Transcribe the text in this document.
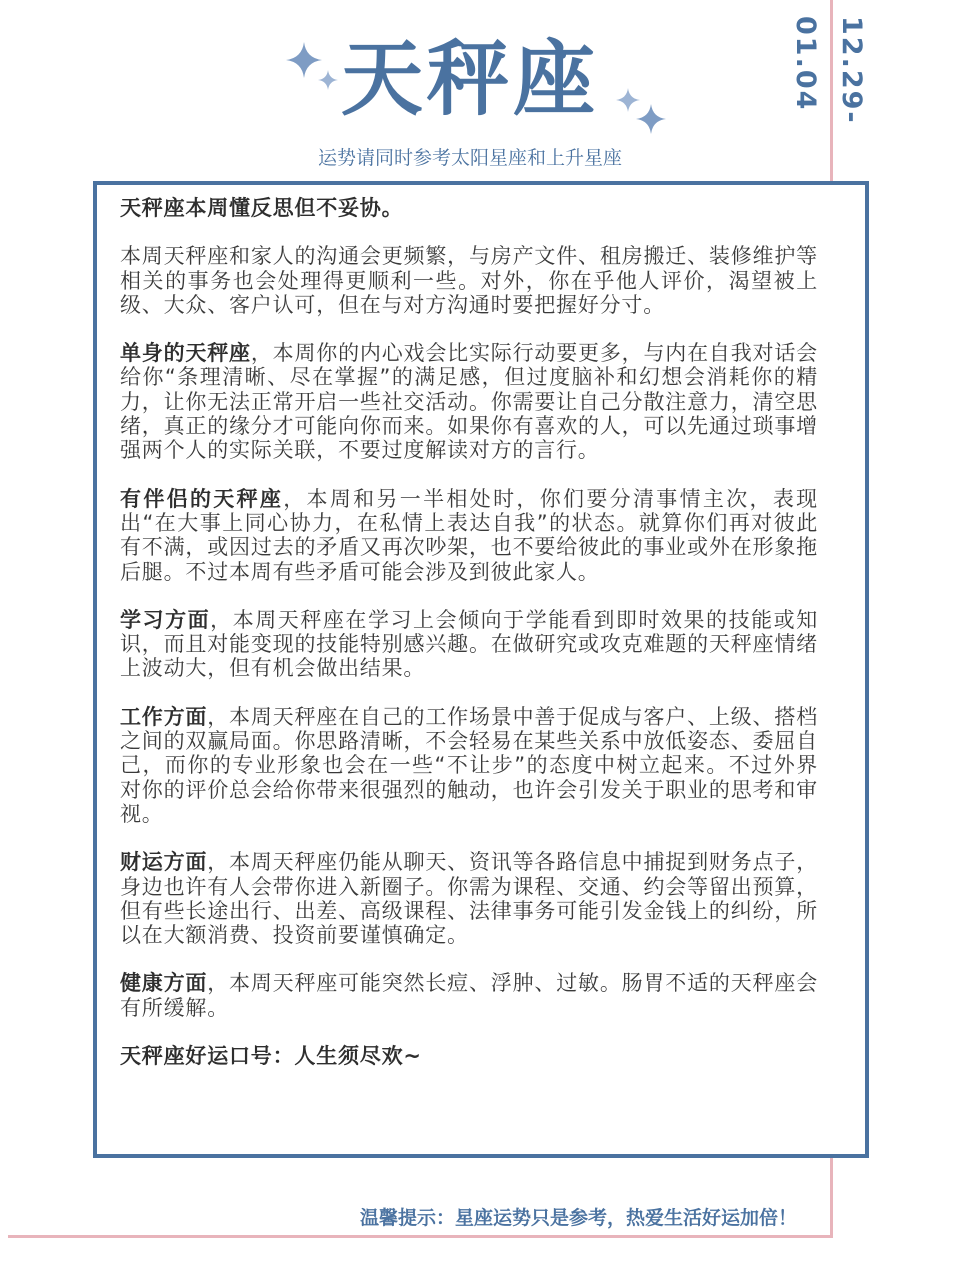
12.29-01.04
天秤座
运势请同时参考太阳星座和上升星座

天秤座本周懂反思但不妥协。

本周天秤座和家人的沟通会更频繁，与房产文件、租房搬迁、装修维护等相关的事务也会处理得更顺利一些。对外，你在乎他人评价，渴望被上级、大众、客户认可，但在与对方沟通时要把握好分寸。

单身的天秤座，本周你的内心戏会比实际行动要更多，与内在自我对话会给你“条理清晰、尽在掌握”的满足感，但过度脑补和幻想会消耗你的精力，让你无法正常开启一些社交活动。你需要让自己分散注意力，清空思绪，真正的缘分才可能向你而来。如果你有喜欢的人，可以先通过琐事增强两个人的实际关联，不要过度解读对方的言行。

有伴侣的天秤座，本周和另一半相处时，你们要分清事情主次，表现出“在大事上同心协力，在私情上表达自我”的状态。就算你们再对彼此有不满，或因过去的矛盾又再次吵架，也不要给彼此的事业或外在形象拖后腿。不过本周有些矛盾可能会涉及到彼此家人。

学习方面，本周天秤座在学习上会倾向于学能看到即时效果的技能或知识，而且对能变现的技能特别感兴趣。在做研究或攻克难题的天秤座情绪上波动大，但有机会做出结果。

工作方面，本周天秤座在自己的工作场景中善于促成与客户、上级、搭档之间的双赢局面。你思路清晰，不会轻易在某些关系中放低姿态、委屈自己，而你的专业形象也会在一些“不让步”的态度中树立起来。不过外界对你的评价总会给你带来很强烈的触动，也许会引发关于职业的思考和审视。

财运方面，本周天秤座仍能从聊天、资讯等各路信息中捕捉到财务点子，身边也许有人会带你进入新圈子。你需为课程、交通、约会等留出预算，但有些长途出行、出差、高级课程、法律事务可能引发金钱上的纠纷，所以在大额消费、投资前要谨慎确定。

健康方面，本周天秤座可能突然长痘、浮肿、过敏。肠胃不适的天秤座会有所缓解。

天秤座好运口号：人生须尽欢~

温馨提示：星座运势只是参考，热爱生活好运加倍！
